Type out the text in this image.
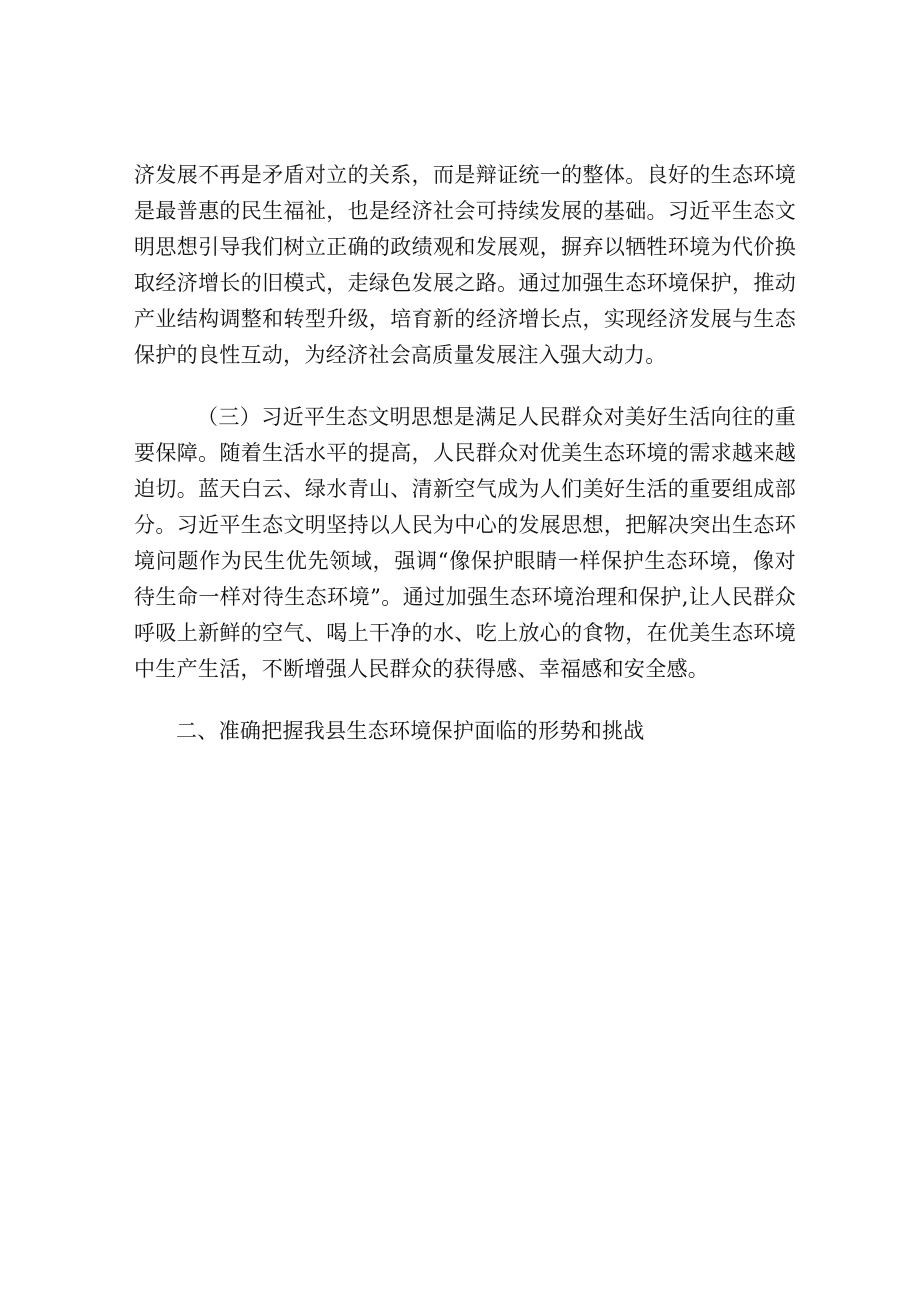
济发展不再是矛盾对立的关系，而是辩证统一的整体。良好的生态环境是最普惠的民生福祉，也是经济社会可持续发展的基础。习近平生态文明思想引导我们树立正确的政绩观和发展观，摒弃以牺牲环境为代价换取经济增长的旧模式，走绿色发展之路。通过加强生态环境保护，推动产业结构调整和转型升级，培育新的经济增长点，实现经济发展与生态保护的良性互动，为经济社会高质量发展注入强大动力。

（三）习近平生态文明思想是满足人民群众对美好生活向往的重要保障。随着生活水平的提高，人民群众对优美生态环境的需求越来越迫切。蓝天白云、绿水青山、清新空气成为人们美好生活的重要组成部分。习近平生态文明坚持以人民为中心的发展思想，把解决突出生态环境问题作为民生优先领域，强调“像保护眼睛一样保护生态环境，像对待生命一样对待生态环境”。通过加强生态环境治理和保护,让人民群众呼吸上新鲜的空气、喝上干净的水、吃上放心的食物，在优美生态环境中生产生活，不断增强人民群众的获得感、幸福感和安全感。

二、准确把握我县生态环境保护面临的形势和挑战
